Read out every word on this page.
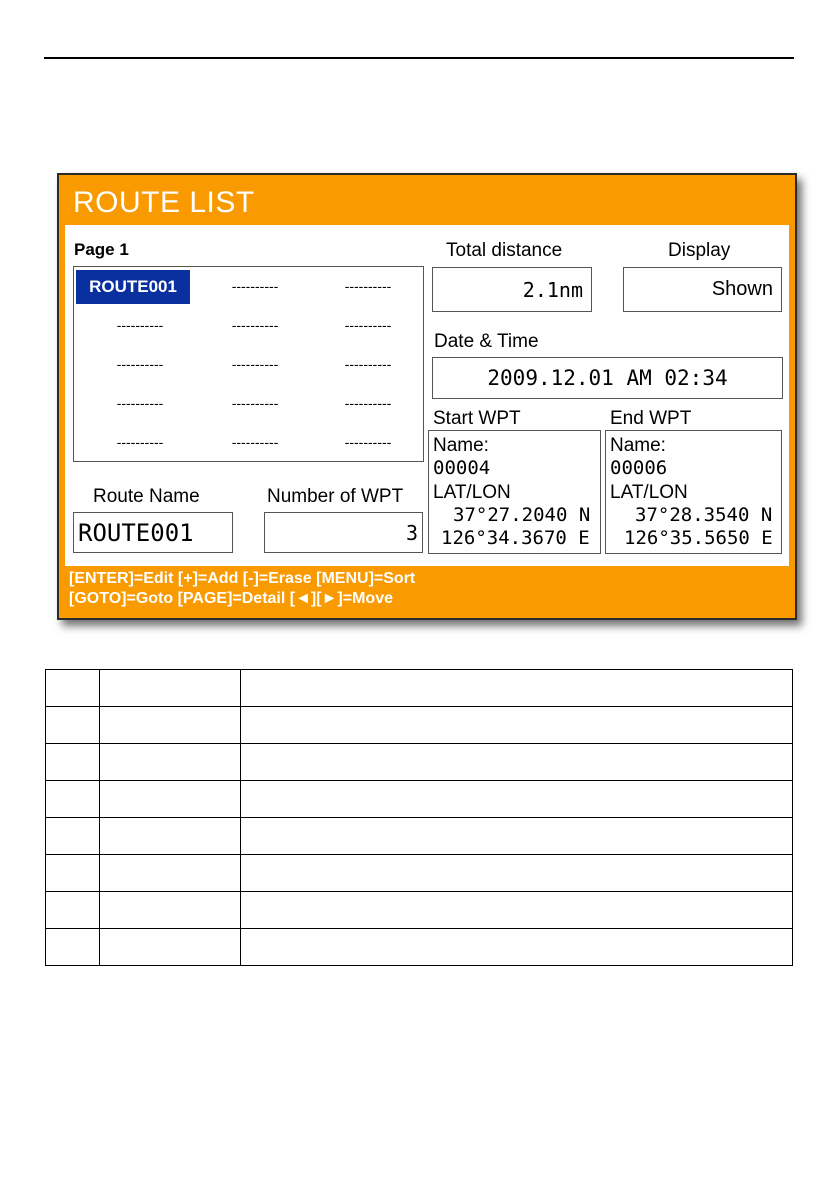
ROUTE LIST
Page 1
ROUTE001	----------	----------
----------	----------	----------
----------	----------	----------
----------	----------	----------
----------	----------	----------
Total distance
2.1nm
Display
Shown
Date & Time
2009.12.01 AM 02:34
Start WPT
Name:
00004
LAT/LON
37°27.2040 N
126°34.3670 E
End WPT
Name:
00006
LAT/LON
37°28.3540 N
126°35.5650 E
Route Name
ROUTE001
Number of WPT
3
[ENTER]=Edit [+]=Add [-]=Erase [MENU]=Sort
[GOTO]=Goto [PAGE]=Detail [◄][►]=Move
